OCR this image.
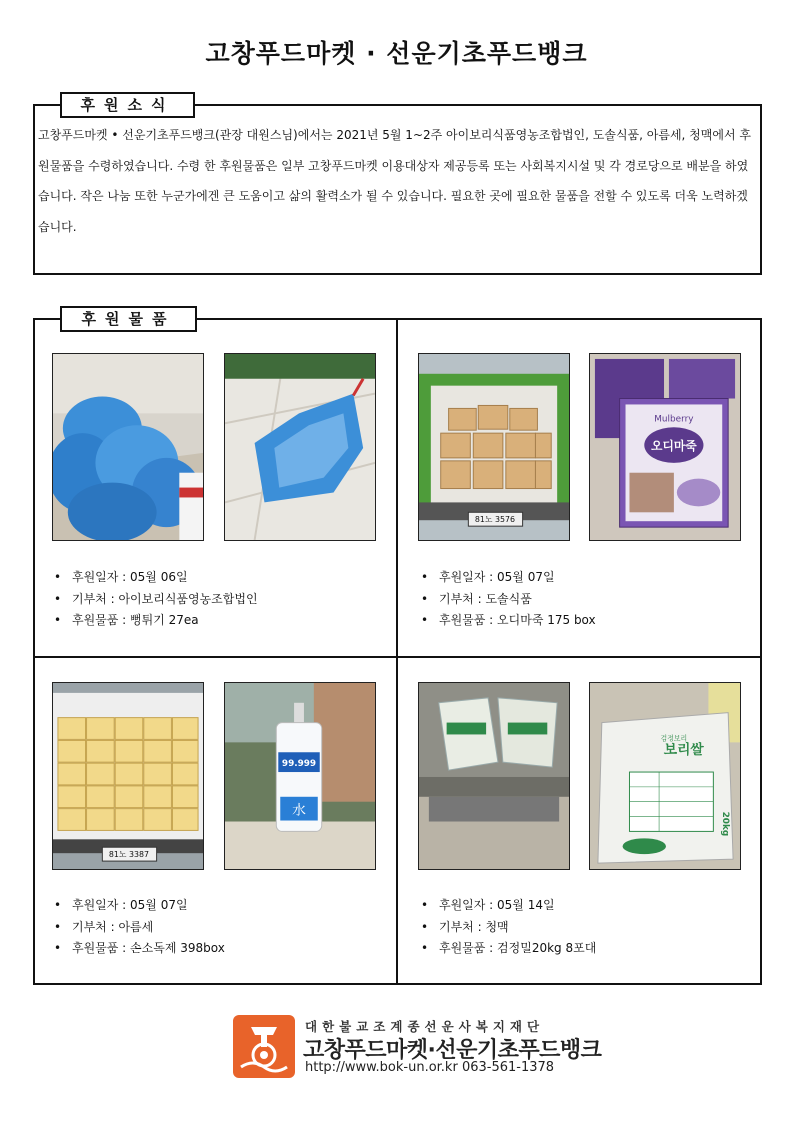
고창푸드마켓 · 선운기초푸드뱅크
후원소식
고창푸드마켓 • 선운기초푸드뱅크(관장 대원스님)에서는 2021년 5월 1~2주 아이보리식품영농조합법인, 도솔식품, 아름세, 청맥에서 후원물품을 수령하였습니다. 수령 한 후원물품은 일부 고창푸드마켓 이용대상자 제공등록 또는 사회복지시설 및 각 경로당으로 배분을 하였습니다. 작은 나눔 또한 누군가에겐 큰 도움이고 삶의 활력소가 될 수 있습니다. 필요한 곳에 필요한 물품을 전할 수 있도록 더욱 노력하겠습니다.
후원물품
81노 3576
Mulberry
오디마죽
81노 3387
99.999
水
검정보리
보리쌀
20kg
• 후원일자 : 05월 06일
• 기부처 : 아이보리식품영농조합법인
• 후원물품 : 뻥튀기 27ea
• 후원일자 : 05월 07일
• 기부처 : 도솔식품
• 후원물품 : 오디마죽 175 box
• 후원일자 : 05월 07일
• 기부처 : 아름세
• 후원물품 : 손소독제 398box
• 후원일자 : 05월 14일
• 기부처 : 청맥
• 후원물품 : 검정밀20kg 8포대
대한불교조계종선운사복지재단
고창푸드마켓·선운기초푸드뱅크
http://www.bok-un.or.kr 063-561-1378
